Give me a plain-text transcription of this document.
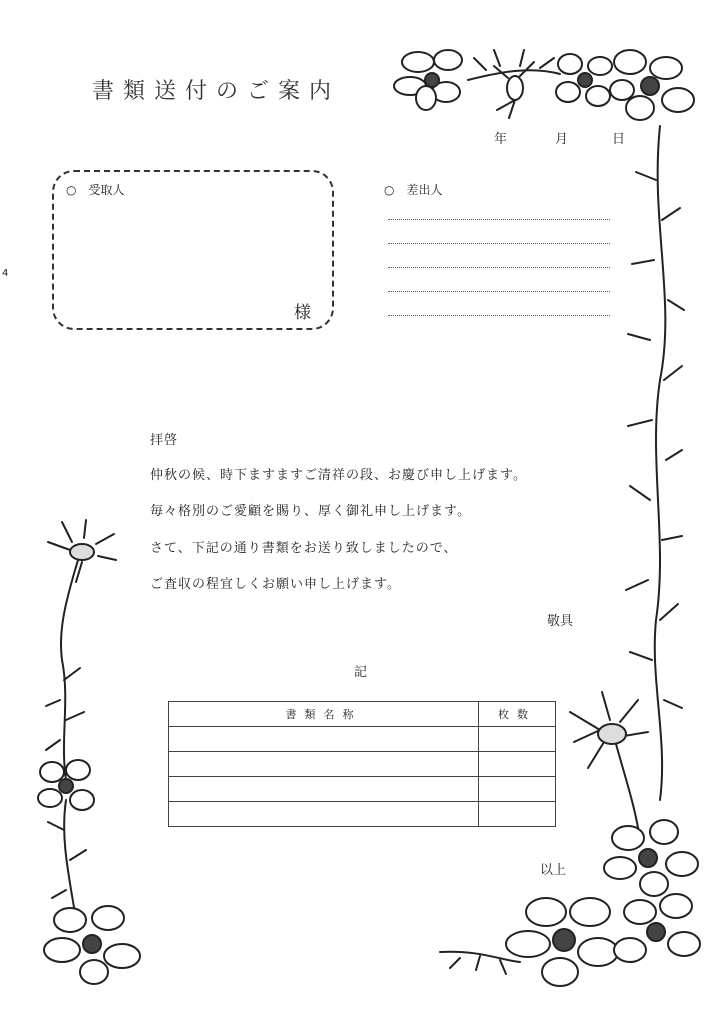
4
書類送付のご案内
年	月	日
○　受取人
様
○　差出人
拝啓
仲秋の候、時下ますますご清祥の段、お慶び申し上げます。
毎々格別のご愛顧を賜り、厚く御礼申し上げます。
さて、下記の通り書類をお送り致しましたので、
ご査収の程宜しくお願い申し上げます。
敬具
記
書類名称	枚数

以上
